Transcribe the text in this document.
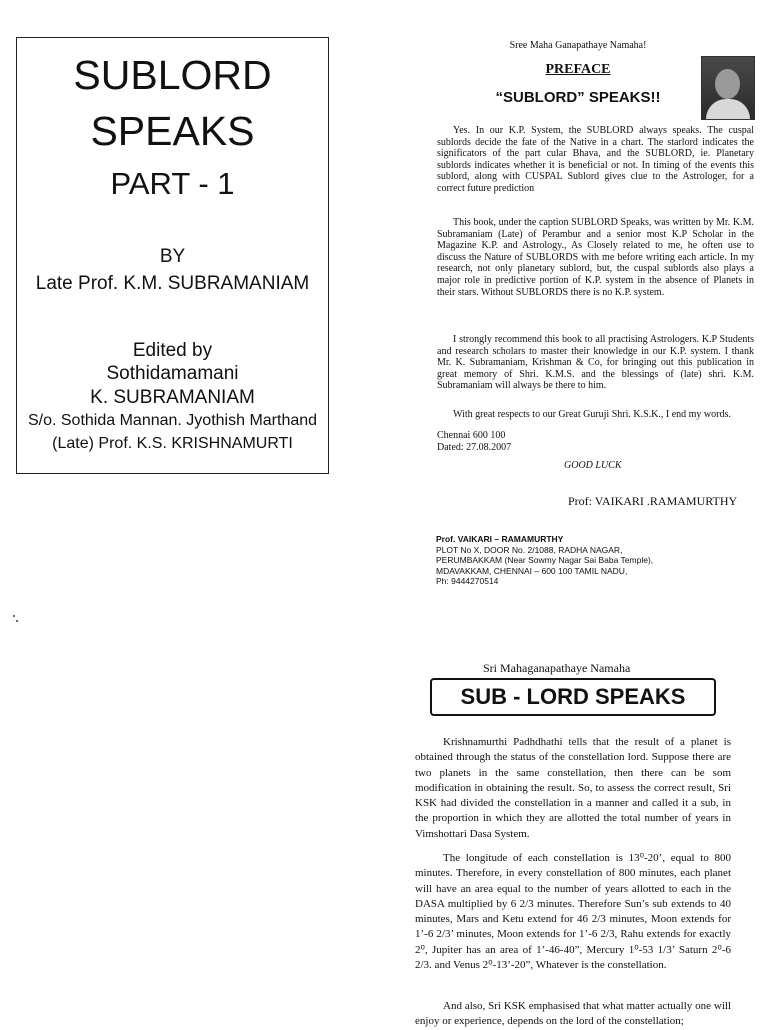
SUBLORD
SPEAKS
PART - 1
BY
Late Prof. K.M. SUBRAMANIAM
Edited by
Sothidamamani
K. SUBRAMANIAM
S/o. Sothida Mannan. Jyothish Marthand
(Late) Prof. K.S. KRISHNAMURTI
Sree Maha Ganapathaye Namaha!
PREFACE
“SUBLORD” SPEAKS!!

Yes. In our K.P. System, the SUBLORD always speaks. The cuspal sublords decide the fate of the Native in a chart. The starlord indicates the significators of the part cular Bhava, and the SUBLORD, ie. Planetary sublords indicates whether it is beneficial or not. In timing of the events this sublord, along with CUSPAL Sublord gives clue to the Astrologer, for a correct future prediction

This book, under the caption SUBLORD Speaks, was written by Mr. K.M. Subramaniam (Late) of Perambur and a senior most K.P Scholar in the Magazine K.P. and Astrology., As Closely related to me, he often use to discuss the Nature of SUBLORDS with me before writing each article. In my research, not only planetary sublord, but, the cuspal sublords also plays a major role in predictive portion of K.P. system in the absence of Planets in their stars. Without SUBLORDS there is no K.P. system.

I strongly recommend this book to all practising Astrologers. K.P Students and research scholars to master their knowledge in our K.P. system. I thank Mr. K. Subramaniam, Krishman & Co, for bringing out this publication in great memory of Shri. K.M.S. and the blessings of (late) shri. K.M. Subramaniam will always be there to him.

With great respects to our Great Guruji Shri. K.S.K., I end my words.

Chennai 600 100
Dated: 27.08.2007
GOOD LUCK
Prof: VAIKARI .RAMAMURTHY
Prof. VAIKARI – RAMAMURTHY
PLOT No X, DOOR No. 2/1088, RADHA NAGAR,
PERUMBAKKAM (Near Sowmy Nagar Sai Baba Temple),
MDAVAKKAM, CHENNAI – 600 100 TAMIL NADU,
Ph: 9444270514
Sri Mahaganapathaye Namaha
SUB - LORD SPEAKS

Krishnamurthi Padhdhathi tells that the result of a planet is obtained through the status of the constellation lord. Suppose there are two planets in the same constellation, then there can be som modification in obtaining the result. So, to assess the correct result, Sri KSK had divided the constellation in a manner and called it a sub, in the proportion in which they are allotted the total number of years in Vimshottari Dasa System.

The longitude of each constellation is 13⁰-20’, equal to 800 minutes. Therefore, in every constellation of 800 minutes, each planet will have an area equal to the number of years allotted to each in the DASA multiplied by 6 2/3 minutes. Therefore Sun’s sub extends to 40 minutes, Mars and Ketu extend for 46 2/3 minutes, Moon extends for 1’-6 2/3’ minutes, Moon extends for 1’-6 2/3, Rahu extends for exactly 2⁰, Jupiter has an area of 1’-46-40”, Mercury 1⁰-53 1/3’ Saturn 2⁰-6 2/3. and Venus 2⁰-13’-20”, Whatever is the constellation.

And also, Sri KSK emphasised that what matter actually one will enjoy or experience, depends on the lord of the constellation;
